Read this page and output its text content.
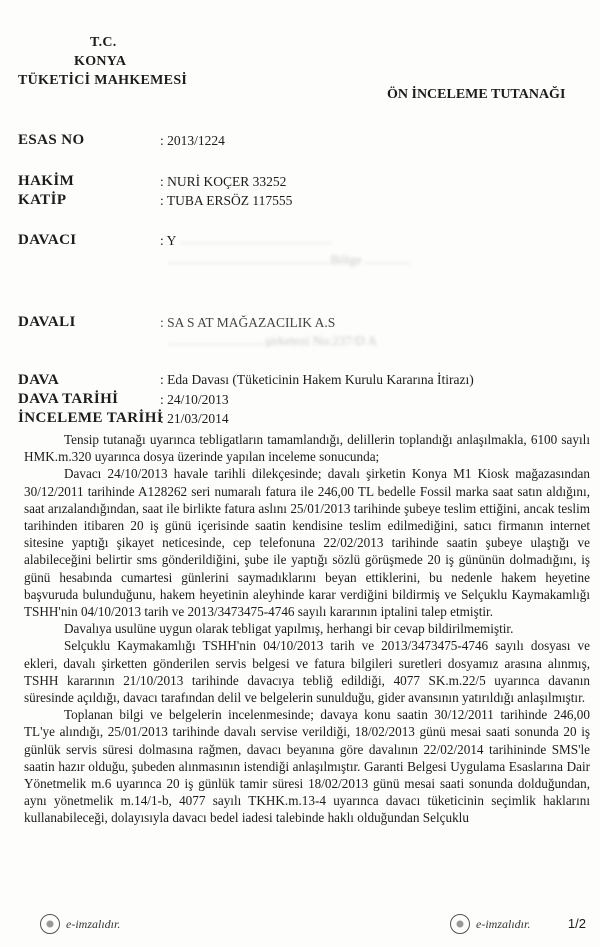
T.C.
KONYA
TÜKETİCİ MAHKEMESİ
ÖN İNCELEME TUTANAĞI
ESAS NO	: 2013/1224
HAKİM	: NURİ KOÇER 33252
KATİP	: TUBA ERSÖZ 117555
DAVACI	: Y ...............................................
..................................................Bölge ..............
DAVALI	: SA S AT MAĞAZACILIK A.S
..............................şirketezi No:237/D A
DAVA	: Eda Davası (Tüketicinin Hakem Kurulu Kararına İtirazı)
DAVA TARİHİ	: 24/10/2013
İNCELEME TARİHİ
: 21/03/2014

Tensip tutanağı uyarınca tebligatların tamamlandığı, delillerin toplandığı anlaşılmakla, 6100 sayılı HMK.m.320 uyarınca dosya üzerinde yapılan inceleme sonucunda;

Davacı 24/10/2013 havale tarihli dilekçesinde; davalı şirketin Konya M1 Kiosk mağazasından 30/12/2011 tarihinde A128262 seri numaralı fatura ile 246,00 TL bedelle Fossil marka saat satın aldığını, saat arızalandığından, saat ile birlikte fatura aslını 25/01/2013 tarihinde şubeye teslim ettiğini, ancak teslim tarihinden itibaren 20 iş günü içerisinde saatin kendisine teslim edilmediğini, satıcı firmanın internet sitesine yaptığı şikayet neticesinde, cep telefonuna 22/02/2013 tarihinde saatin şubeye ulaştığı ve alabileceğini belirtir sms gönderildiğini, şube ile yaptığı sözlü görüşmede 20 iş gününün dolmadığını, iş günü hesabında cumartesi günlerini saymadıklarını beyan ettiklerini, bu nedenle hakem heyetine başvuruda bulunduğunu, hakem heyetinin aleyhinde karar verdiğini bildirmiş ve Selçuklu Kaymakamlığı TSHH'nin 04/10/2013 tarih ve 2013/3473475-4746 sayılı kararının iptalini talep etmiştir.

Davalıya usulüne uygun olarak tebligat yapılmış, herhangi bir cevap bildirilmemiştir.

Selçuklu Kaymakamlığı TSHH'nin 04/10/2013 tarih ve 2013/3473475-4746 sayılı dosyası ve ekleri, davalı şirketten gönderilen servis belgesi ve fatura bilgileri suretleri dosyamız arasına alınmış, TSHH kararının 21/10/2013 tarihinde davacıya tebliğ edildiği, 4077 SK.m.22/5 uyarınca davanın süresinde açıldığı, davacı tarafından delil ve belgelerin sunulduğu, gider avansının yatırıldığı anlaşılmıştır.

Toplanan bilgi ve belgelerin incelenmesinde; davaya konu saatin 30/12/2011 tarihinde 246,00 TL'ye alındığı, 25/01/2013 tarihinde davalı servise verildiği, 18/02/2013 günü mesai saati sonunda 20 iş günlük servis süresi dolmasına rağmen, davacı beyanına göre davalının 22/02/2014 tarihininde SMS'le saatin hazır olduğu, şubeden alınmasının istendiği anlaşılmıştır. Garanti Belgesi Uygulama Esaslarına Dair Yönetmelik m.6 uyarınca 20 iş günlük tamir süresi 18/02/2013 günü mesai saati sonunda dolduğundan, aynı yönetmelik m.14/1-b, 4077 sayılı TKHK.m.13-4 uyarınca davacı tüketicinin seçimlik haklarını kullanabileceği, dolayısıyla davacı bedel iadesi talebinde haklı olduğundan Selçuklu

e-imzalıdır.	e-imzalıdır.	1/2
